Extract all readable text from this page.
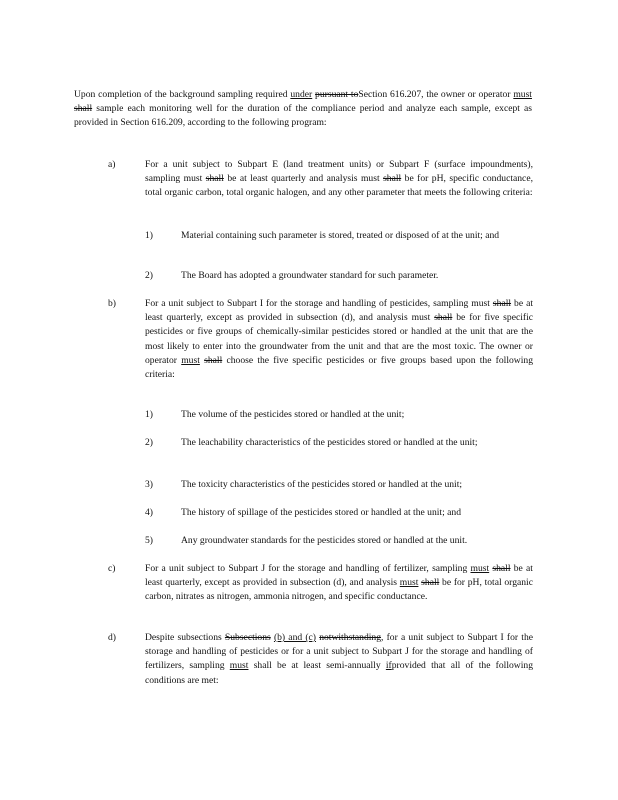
Upon completion of the background sampling required under pursuant toSection 616.207, the owner or operator must shall sample each monitoring well for the duration of the compliance period and analyze each sample, except as provided in Section 616.209, according to the following program:
a)	For a unit subject to Subpart E (land treatment units) or Subpart F (surface impoundments), sampling must shall be at least quarterly and analysis must shall be for pH, specific conductance, total organic carbon, total organic halogen, and any other parameter that meets the following criteria:
1)	Material containing such parameter is stored, treated or disposed of at the unit; and
2)	The Board has adopted a groundwater standard for such parameter.
b)	For a unit subject to Subpart I for the storage and handling of pesticides, sampling must shall be at least quarterly, except as provided in subsection (d), and analysis must shall be for five specific pesticides or five groups of chemically-similar pesticides stored or handled at the unit that are the most likely to enter into the groundwater from the unit and that are the most toxic. The owner or operator must shall choose the five specific pesticides or five groups based upon the following criteria:
1)	The volume of the pesticides stored or handled at the unit;
2)	The leachability characteristics of the pesticides stored or handled at the unit;
3)	The toxicity characteristics of the pesticides stored or handled at the unit;
4)	The history of spillage of the pesticides stored or handled at the unit; and
5)	Any groundwater standards for the pesticides stored or handled at the unit.
c)	For a unit subject to Subpart J for the storage and handling of fertilizer, sampling must shall be at least quarterly, except as provided in subsection (d), and analysis must shall be for pH, total organic carbon, nitrates as nitrogen, ammonia nitrogen, and specific conductance.
d)	Despite subsections Subsections (b) and (c) notwithstanding, for a unit subject to Subpart I for the storage and handling of pesticides or for a unit subject to Subpart J for the storage and handling of fertilizers, sampling must shall be at least semi-annually ifprovided that all of the following conditions are met:
